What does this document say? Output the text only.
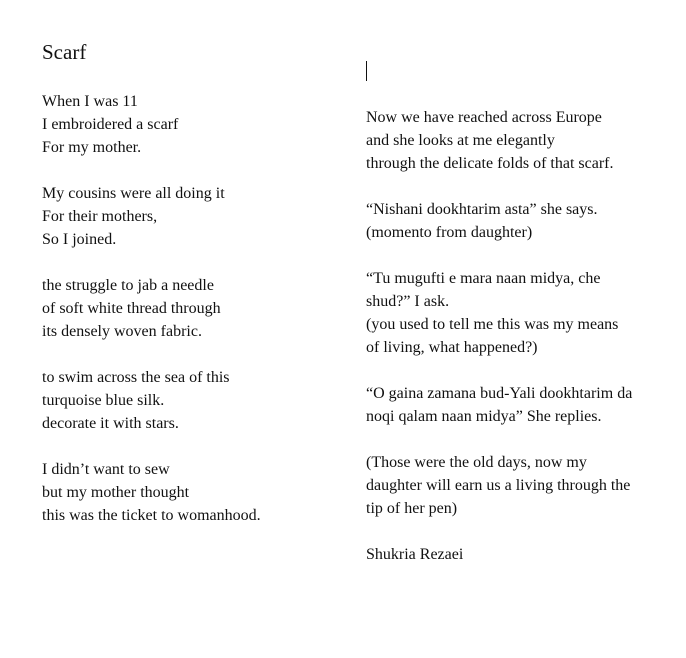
Scarf
When I was 11
I embroidered a scarf
For my mother.
My cousins were all doing it
For their mothers,
So I joined.
the struggle to jab a needle
of soft white thread through
its densely woven fabric.
to swim across the sea of this
turquoise blue silk.
decorate it with stars.
I didn’t want to sew
but my mother thought
this was the ticket to womanhood.
Now we have reached across Europe
and she looks at me elegantly
through the delicate folds of that scarf.
“Nishani dookhtarim asta” she says.
(momento from daughter)
“Tu mugufti e mara naan midya, che
shud?” I ask.
(you used to tell me this was my means
of living, what happened?)
“O gaina zamana bud-Yali dookhtarim da
noqi qalam naan midya” She replies.
(Those were the old days, now my
daughter will earn us a living through the
tip of her pen)
Shukria Rezaei
